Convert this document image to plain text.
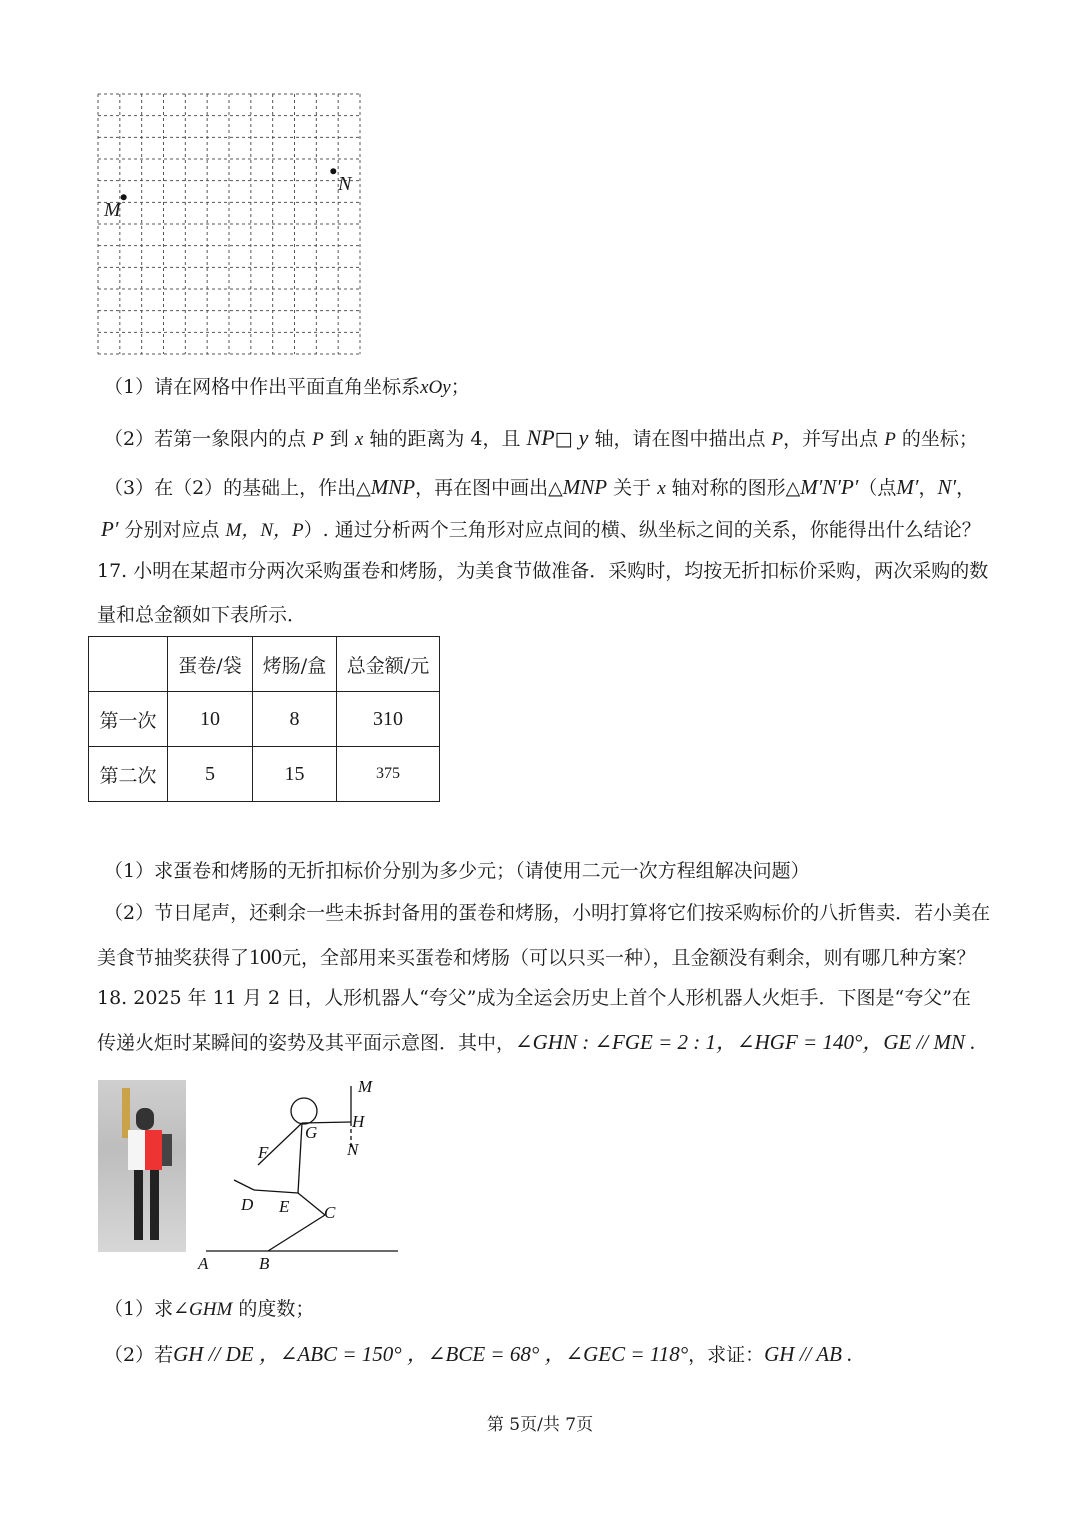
M
N
（1）请在网格中作出平面直角坐标系xOy；
（2）若第一象限内的点 P 到 x 轴的距离为 4，且 NP□ y 轴，请在图中描出点 P，并写出点 P 的坐标；
（3）在（2）的基础上，作出△MNP，再在图中画出△MNP 关于 x 轴对称的图形△M′N′P′（点M′，N′，
P′ 分别对应点 M，N，P）. 通过分析两个三角形对应点间的横、纵坐标之间的关系，你能得出什么结论？
17. 小明在某超市分两次采购蛋卷和烤肠，为美食节做准备．采购时，均按无折扣标价采购，两次采购的数
量和总金额如下表所示．
	蛋卷/袋	烤肠/盒	总金额/元
第一次	10	8	310
第二次	5	15	375
（1）求蛋卷和烤肠的无折扣标价分别为多少元；（请使用二元一次方程组解决问题）
（2）节日尾声，还剩余一些未拆封备用的蛋卷和烤肠，小明打算将它们按采购标价的八折售卖．若小美在
美食节抽奖获得了100元，全部用来买蛋卷和烤肠（可以只买一种），且金额没有剩余，则有哪几种方案？
18. 2025 年 11 月 2 日，人形机器人“夸父”成为全运会历史上首个人形机器人火炬手．下图是“夸父”在
传递火炬时某瞬间的姿势及其平面示意图．其中，∠GHN : ∠FGE = 2 : 1，∠HGF = 140°，GE // MN .
M
H
N
G
F
D E C
A	B
（1）求∠GHM 的度数；
（2）若GH // DE ，∠ABC = 150° ，∠BCE = 68° ，∠GEC = 118°，求证：GH // AB .
第 5页/共 7页
